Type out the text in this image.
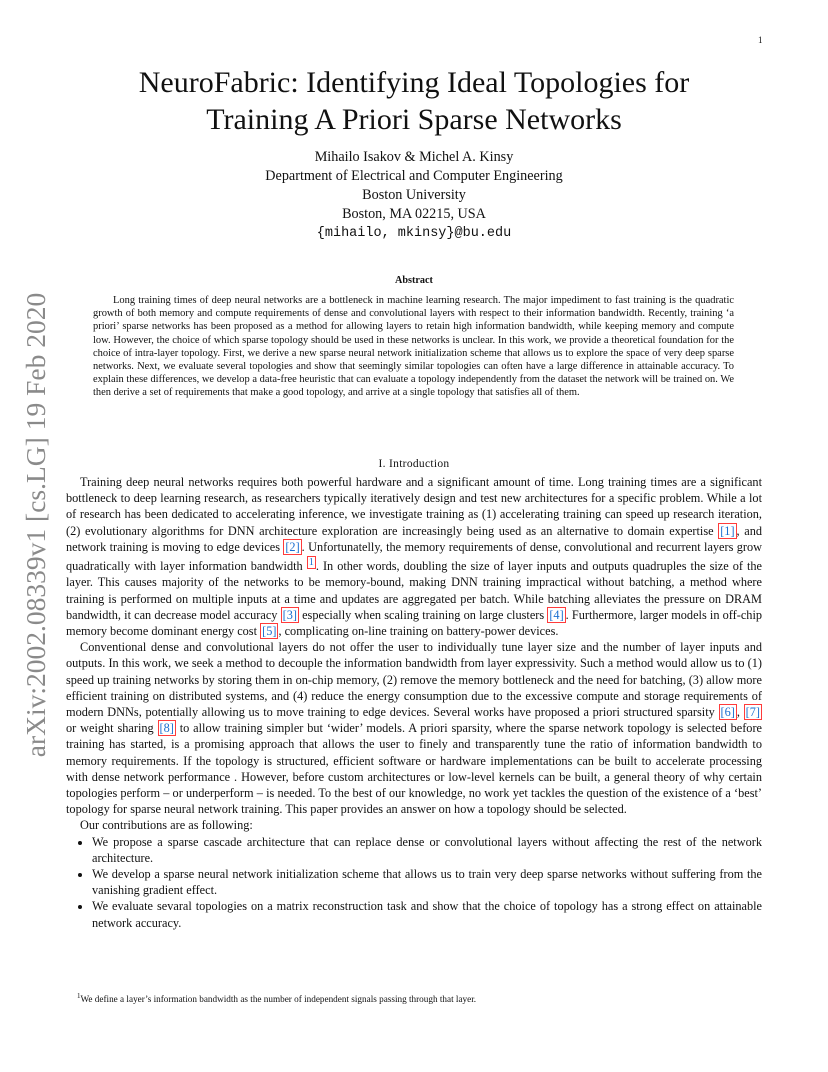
1
arXiv:2002.08339v1 [cs.LG] 19 Feb 2020
NeuroFabric: Identifying Ideal Topologies for
Training A Priori Sparse Networks
Mihailo Isakov & Michel A. Kinsy
Department of Electrical and Computer Engineering
Boston University
Boston, MA 02215, USA
{mihailo, mkinsy}@bu.edu
Abstract

Long training times of deep neural networks are a bottleneck in machine learning research. The major impediment to fast training is the quadratic growth of both memory and compute requirements of dense and convolutional layers with respect to their information bandwidth. Recently, training ‘a priori’ sparse networks has been proposed as a method for allowing layers to retain high information bandwidth, while keeping memory and compute low. However, the choice of which sparse topology should be used in these networks is unclear. In this work, we provide a theoretical foundation for the choice of intra-layer topology. First, we derive a new sparse neural network initialization scheme that allows us to explore the space of very deep sparse networks. Next, we evaluate several topologies and show that seemingly similar topologies can often have a large difference in attainable accuracy. To explain these differences, we develop a data-free heuristic that can evaluate a topology independently from the dataset the network will be trained on. We then derive a set of requirements that make a good topology, and arrive at a single topology that satisfies all of them.

I. Introduction

Training deep neural networks requires both powerful hardware and a significant amount of time. Long training times are a significant bottleneck to deep learning research, as researchers typically iteratively design and test new architectures for a specific problem. While a lot of research has been dedicated to accelerating inference, we investigate training as (1) accelerating training can speed up research iteration, (2) evolutionary algorithms for DNN architecture exploration are increasingly being used as an alternative to domain expertise [1] , and network training is moving to edge devices [2] . Unfortunatelly, the memory requirements of dense, convolutional and recurrent layers grow quadratically with layer information bandwidth $^1$ . In other words, doubling the size of layer inputs and outputs quadruples the size of the layer. This causes majority of the networks to be memory-bound, making DNN training impractical without batching, a method where training is performed on multiple inputs at a time and updates are aggregated per batch. While batching alleviates the pressure on DRAM bandwidth, it can decrease model accuracy [3] especially when scaling training on large clusters [4] . Furthermore, larger models in off-chip memory become dominant energy cost [5] , complicating on-line training on battery-power devices.

Conventional dense and convolutional layers do not offer the user to individually tune layer size and the number of layer inputs and outputs. In this work, we seek a method to decouple the information bandwidth from layer expressivity. Such a method would allow us to (1) speed up training networks by storing them in on-chip memory, (2) remove the memory bottleneck and the need for batching, (3) allow more efficient training on distributed systems, and (4) reduce the energy consumption due to the excessive compute and storage requirements of modern DNNs, potentially allowing us to move training to edge devices. Several works have proposed a priori structured sparsity [6] , [7] or weight sharing [8] to allow training simpler but ‘wider’ models. A priori sparsity, where the sparse network topology is selected before training has started, is a promising approach that allows the user to finely and transparently tune the ratio of information bandwidth to memory requirements. If the topology is structured, efficient software or hardware implementations can be built to accelerate processing with dense network performance . However, before custom architectures or low-level kernels can be built, a general theory of why certain topologies perform – or underperform – is needed. To the best of our knowledge, no work yet tackles the question of the existence of a ‘best’ topology for sparse neural network training. This paper provides an answer on how a topology should be selected.

Our contributions are as following:

• We propose a sparse cascade architecture that can replace dense or convolutional layers without affecting the rest of the network architecture.
• We develop a sparse neural network initialization scheme that allows us to train very deep sparse networks without suffering from the vanishing gradient effect.
• We evaluate sevaral topologies on a matrix reconstruction task and show that the choice of topology has a strong effect on attainable network accuracy.
$^1$We define a layer’s information bandwidth as the number of independent signals passing through that layer.
